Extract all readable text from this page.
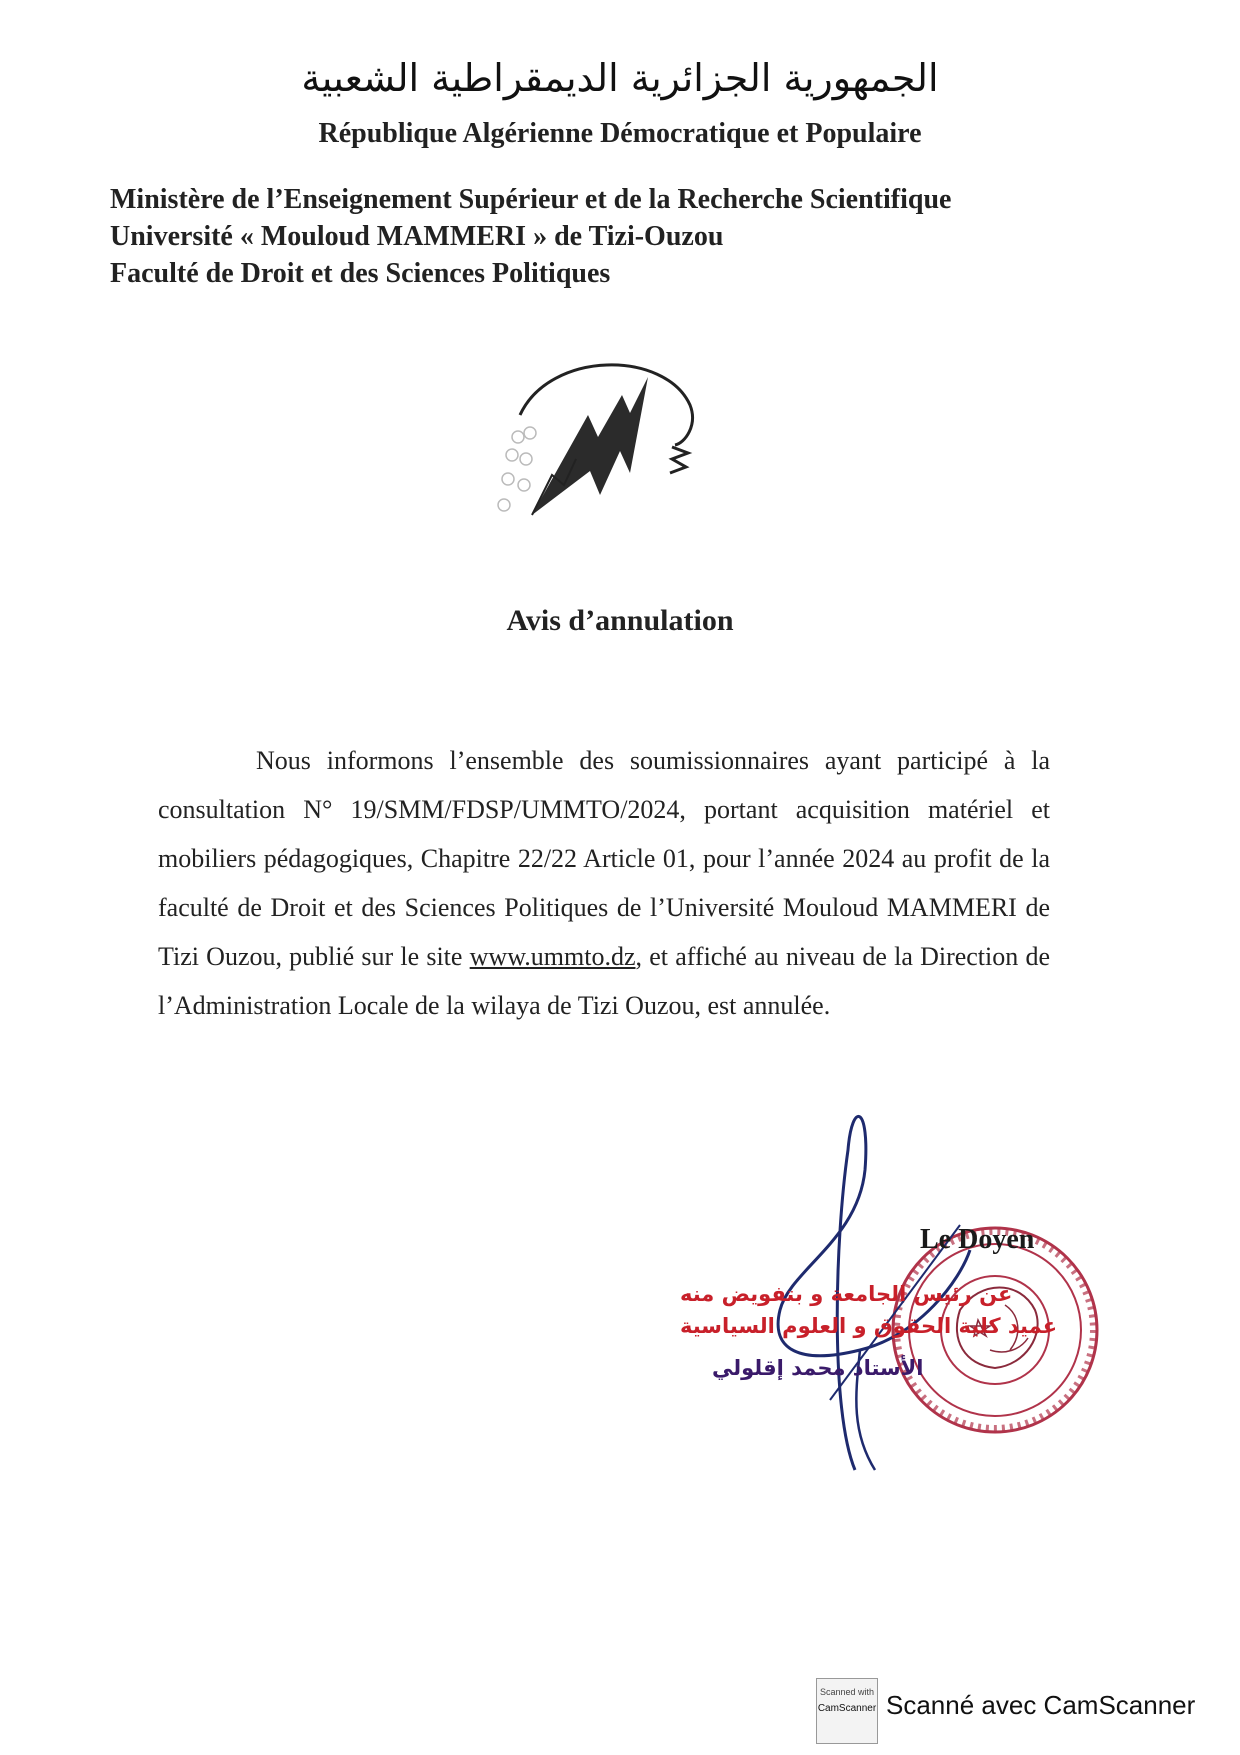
الجمهورية الجزائرية الديمقراطية الشعبية
République Algérienne Démocratique et Populaire
Ministère de l’Enseignement Supérieur et de la Recherche Scientifique
Université « Mouloud MAMMERI » de Tizi-Ouzou
Faculté de Droit et des Sciences Politiques
Avis d’annulation
Nous informons l’ensemble des soumissionnaires ayant participé à la consultation N° 19/SMM/FDSP/UMMTO/2024, portant acquisition matériel et mobiliers pédagogiques, Chapitre 22/22 Article 01, pour l’année 2024 au profit de la faculté de Droit et des Sciences Politiques de l’Université Mouloud MAMMERI de Tizi Ouzou, publié sur le site www.ummto.dz, et affiché au niveau de la Direction de l’Administration Locale de la wilaya de Tizi Ouzou, est annulée.
Le Doyen
عن رئيس الجامعة و بتفويض منه
عميد كلية الحقوق و العلوم السياسية
الأستاذ محمد إقلولي
Scanned with
CamScanner Scanné avec CamScanner
